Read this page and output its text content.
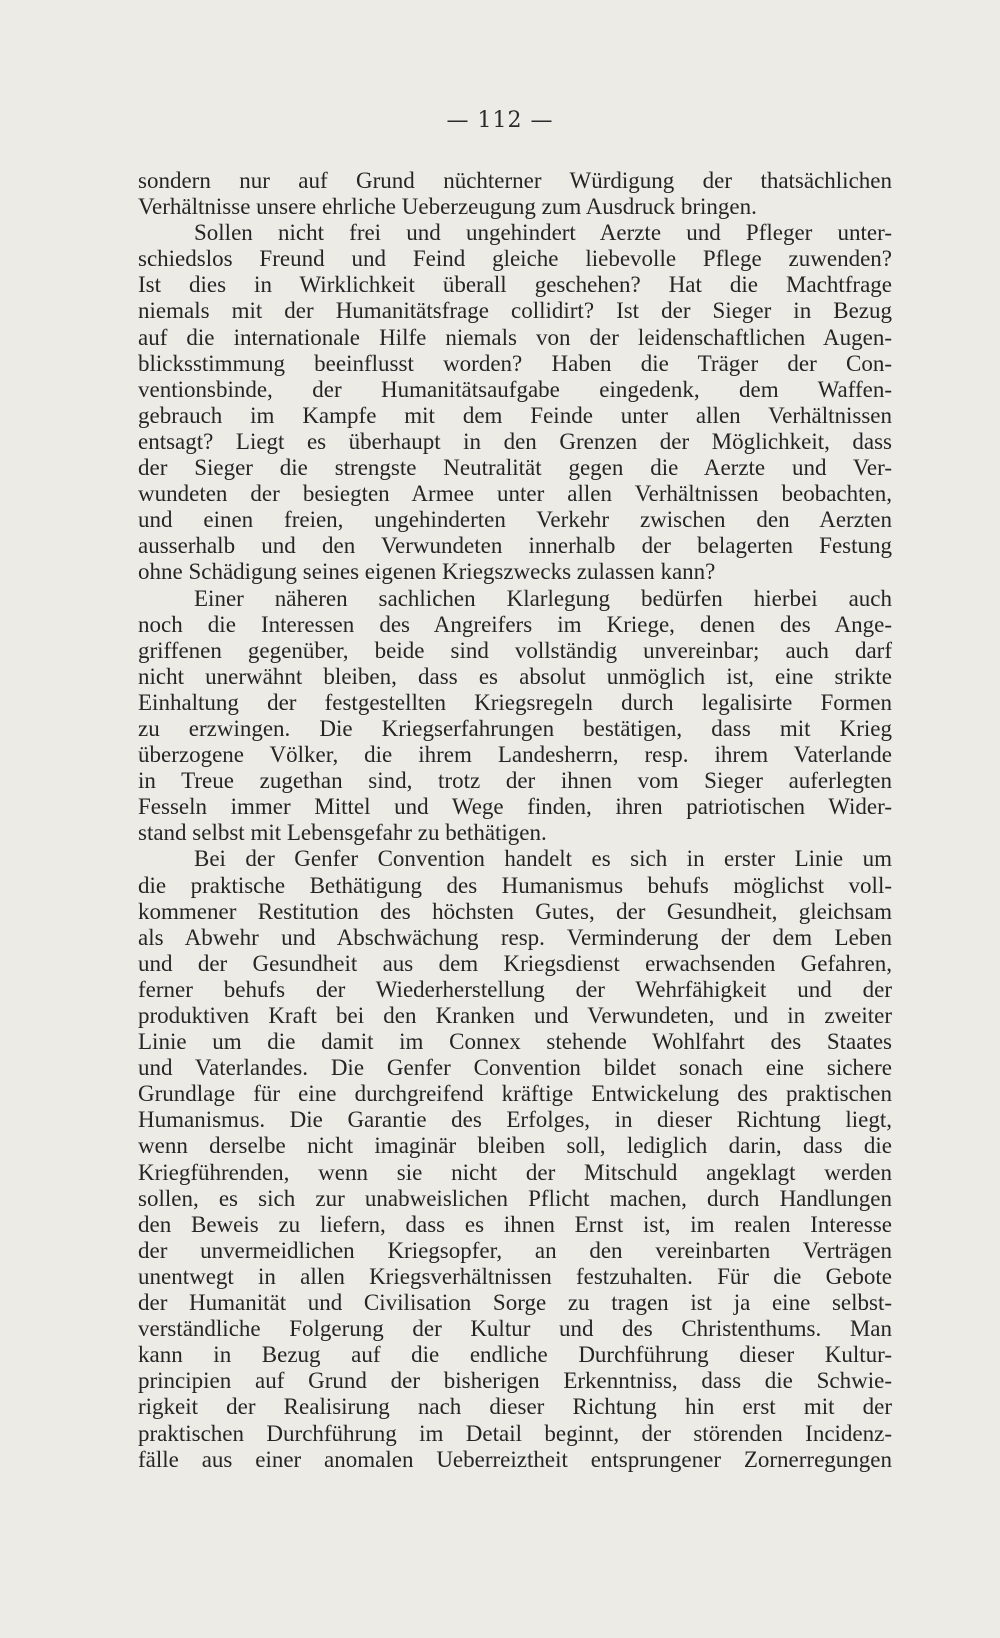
— 112 —
sondern nur auf Grund nüchterner Würdigung der thatsächlichen
Verhältnisse unsere ehrliche Ueberzeugung zum Ausdruck bringen.
Sollen nicht frei und ungehindert Aerzte und Pfleger unter-
schiedslos Freund und Feind gleiche liebevolle Pflege zuwenden?
Ist dies in Wirklichkeit überall geschehen? Hat die Machtfrage
niemals mit der Humanitätsfrage collidirt? Ist der Sieger in Bezug
auf die internationale Hilfe niemals von der leidenschaftlichen Augen-
blicksstimmung beeinflusst worden? Haben die Träger der Con-
ventionsbinde, der Humanitätsaufgabe eingedenk, dem Waffen-
gebrauch im Kampfe mit dem Feinde unter allen Verhältnissen
entsagt? Liegt es überhaupt in den Grenzen der Möglichkeit, dass
der Sieger die strengste Neutralität gegen die Aerzte und Ver-
wundeten der besiegten Armee unter allen Verhältnissen beobachten,
und einen freien, ungehinderten Verkehr zwischen den Aerzten
ausserhalb und den Verwundeten innerhalb der belagerten Festung
ohne Schädigung seines eigenen Kriegszwecks zulassen kann?
Einer näheren sachlichen Klarlegung bedürfen hierbei auch
noch die Interessen des Angreifers im Kriege, denen des Ange-
griffenen gegenüber, beide sind vollständig unvereinbar; auch darf
nicht unerwähnt bleiben, dass es absolut unmöglich ist, eine strikte
Einhaltung der festgestellten Kriegsregeln durch legalisirte Formen
zu erzwingen. Die Kriegserfahrungen bestätigen, dass mit Krieg
überzogene Völker, die ihrem Landesherrn, resp. ihrem Vaterlande
in Treue zugethan sind, trotz der ihnen vom Sieger auferlegten
Fesseln immer Mittel und Wege finden, ihren patriotischen Wider-
stand selbst mit Lebensgefahr zu bethätigen.
Bei der Genfer Convention handelt es sich in erster Linie um
die praktische Bethätigung des Humanismus behufs möglichst voll-
kommener Restitution des höchsten Gutes, der Gesundheit, gleichsam
als Abwehr und Abschwächung resp. Verminderung der dem Leben
und der Gesundheit aus dem Kriegsdienst erwachsenden Gefahren,
ferner behufs der Wiederherstellung der Wehrfähigkeit und der
produktiven Kraft bei den Kranken und Verwundeten, und in zweiter
Linie um die damit im Connex stehende Wohlfahrt des Staates
und Vaterlandes. Die Genfer Convention bildet sonach eine sichere
Grundlage für eine durchgreifend kräftige Entwickelung des praktischen
Humanismus. Die Garantie des Erfolges, in dieser Richtung liegt,
wenn derselbe nicht imaginär bleiben soll, lediglich darin, dass die
Kriegführenden, wenn sie nicht der Mitschuld angeklagt werden
sollen, es sich zur unabweislichen Pflicht machen, durch Handlungen
den Beweis zu liefern, dass es ihnen Ernst ist, im realen Interesse
der unvermeidlichen Kriegsopfer, an den vereinbarten Verträgen
unentwegt in allen Kriegsverhältnissen festzuhalten. Für die Gebote
der Humanität und Civilisation Sorge zu tragen ist ja eine selbst-
verständliche Folgerung der Kultur und des Christenthums. Man
kann in Bezug auf die endliche Durchführung dieser Kultur-
principien auf Grund der bisherigen Erkenntniss, dass die Schwie-
rigkeit der Realisirung nach dieser Richtung hin erst mit der
praktischen Durchführung im Detail beginnt, der störenden Incidenz-
fälle aus einer anomalen Ueberreiztheit entsprungener Zornerregungen
